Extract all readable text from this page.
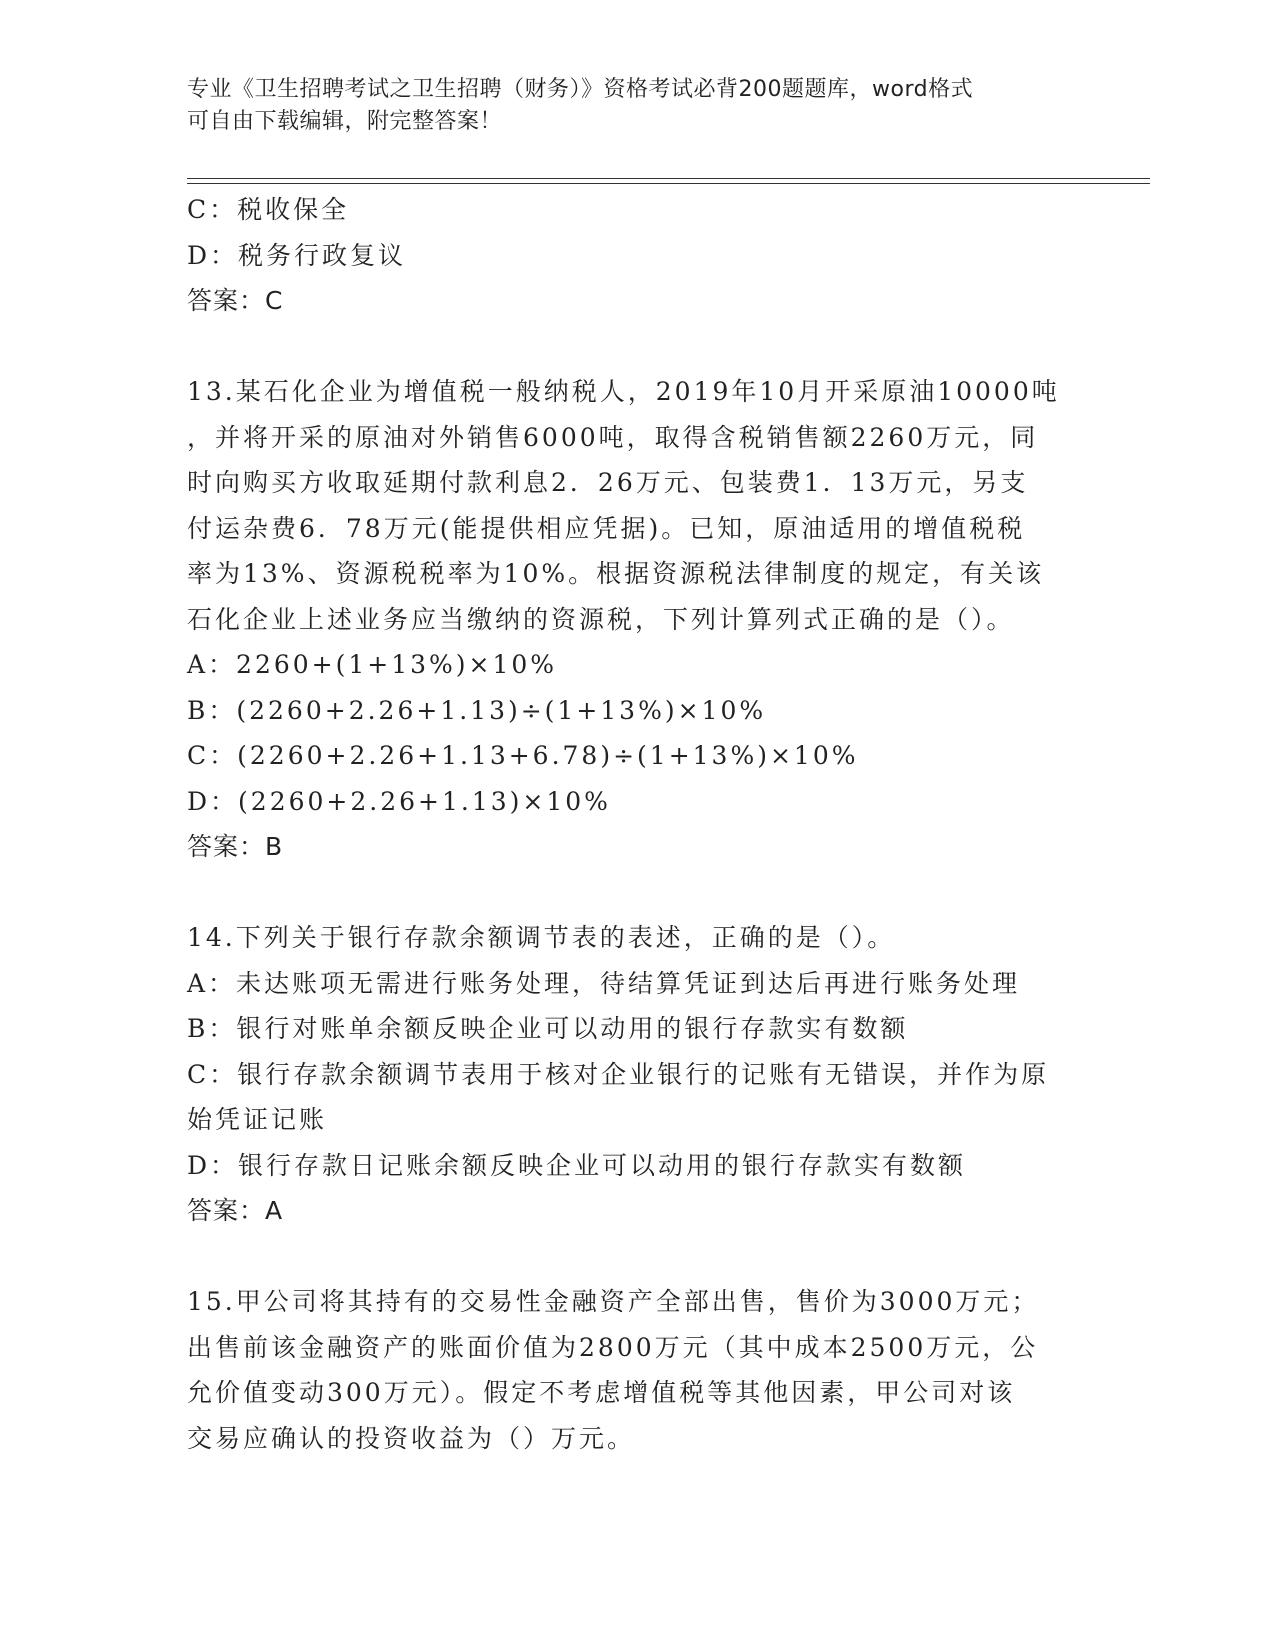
专业《卫生招聘考试之卫生招聘（财务）》资格考试必背200题题库，word格式
可自由下载编辑，附完整答案！
C：税收保全
D：税务行政复议
答案：C
13.某石化企业为增值税一般纳税人，2019年10月开采原油10000吨
，并将开采的原油对外销售6000吨，取得含税销售额2260万元，同
时向购买方收取延期付款利息2．26万元、包装费1．13万元，另支
付运杂费6．78万元(能提供相应凭据)。已知，原油适用的增值税税
率为13%、资源税税率为10%。根据资源税法律制度的规定，有关该
石化企业上述业务应当缴纳的资源税，下列计算列式正确的是（）。
A：2260+(1+13%)×10%
B：(2260+2.26+1.13)÷(1+13%)×10%
C：(2260+2.26+1.13+6.78)÷(1+13%)×10%
D：(2260+2.26+1.13)×10%
答案：B
14.下列关于银行存款余额调节表的表述，正确的是（）。
A：未达账项无需进行账务处理，待结算凭证到达后再进行账务处理
B：银行对账单余额反映企业可以动用的银行存款实有数额
C：银行存款余额调节表用于核对企业银行的记账有无错误，并作为原
始凭证记账
D：银行存款日记账余额反映企业可以动用的银行存款实有数额
答案：A
15.甲公司将其持有的交易性金融资产全部出售，售价为3000万元；
出售前该金融资产的账面价值为2800万元（其中成本2500万元，公
允价值变动300万元）。假定不考虑增值税等其他因素，甲公司对该
交易应确认的投资收益为（）万元。
